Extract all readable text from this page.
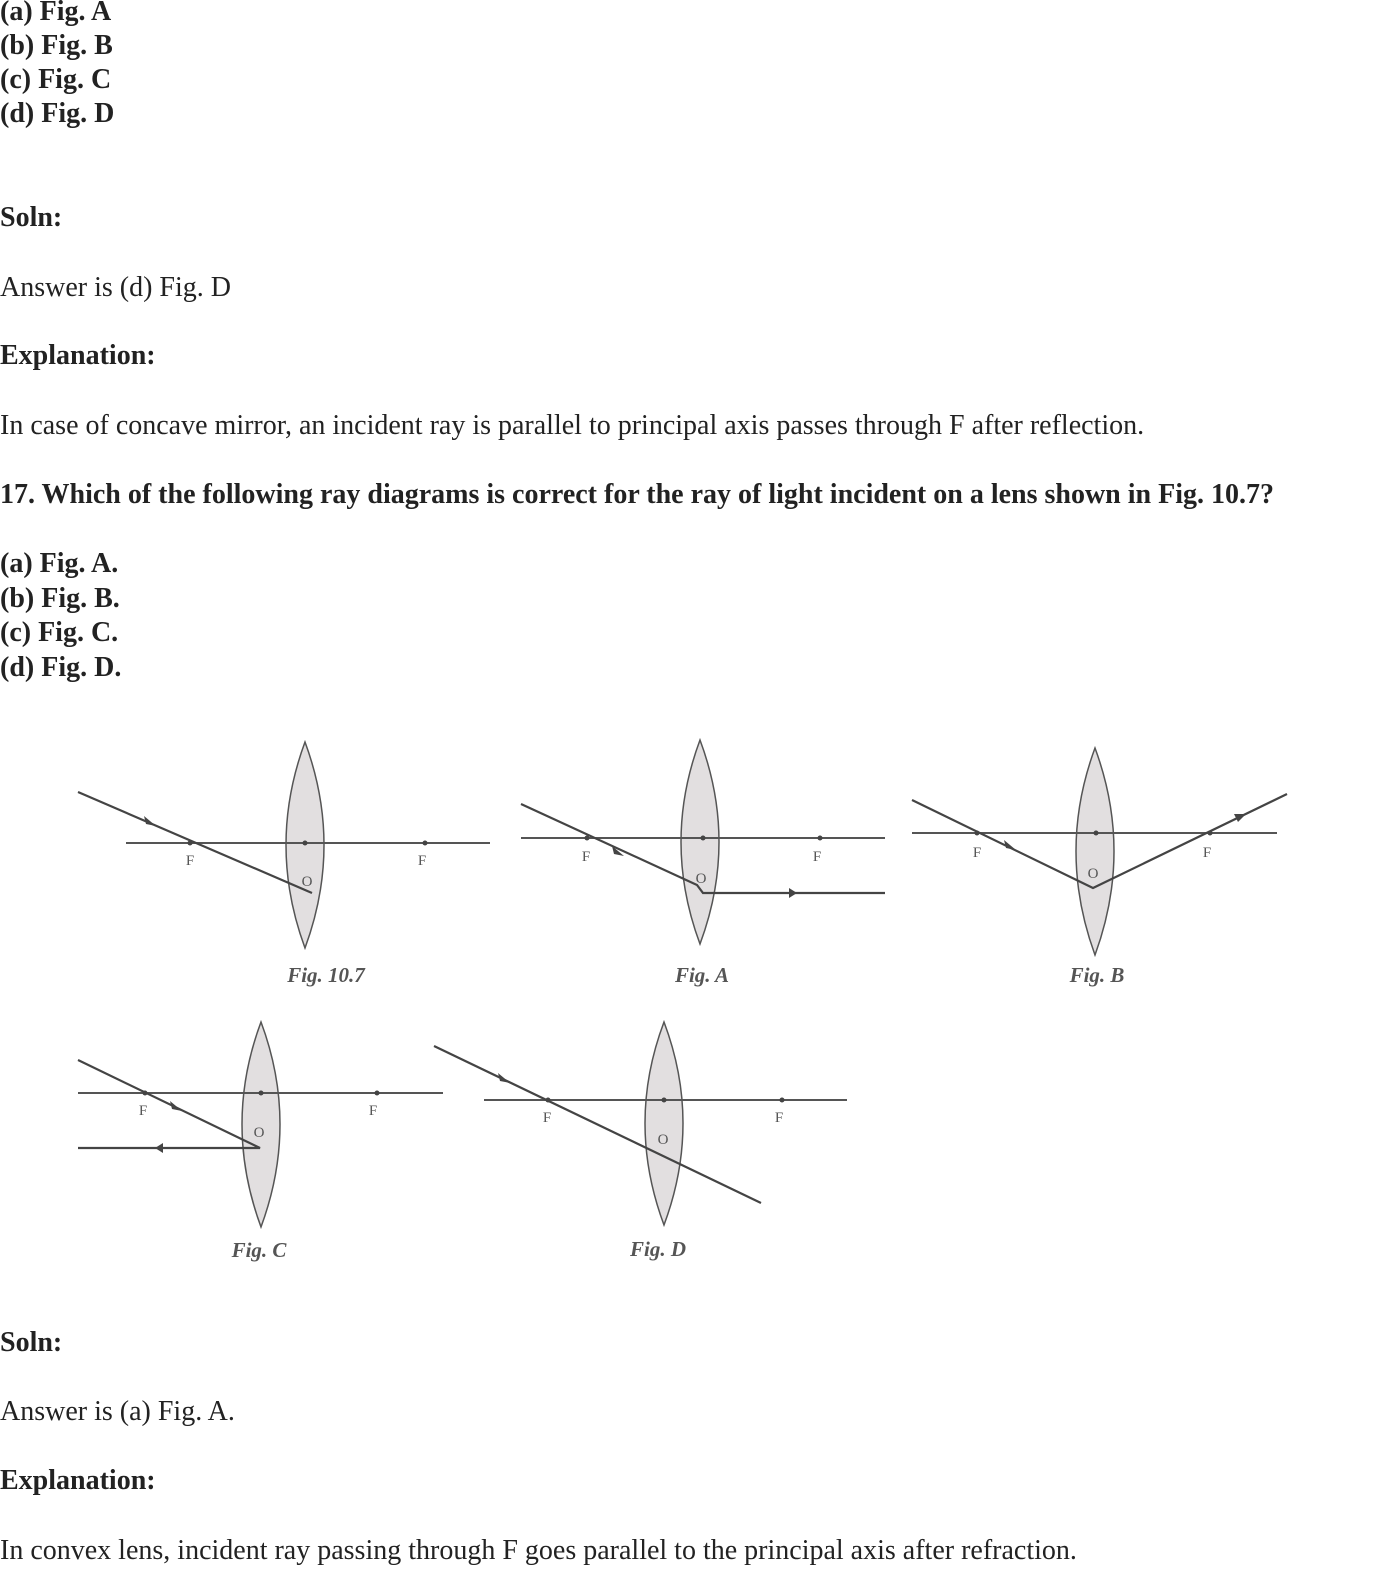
(a) Fig. A
(b) Fig. B
(c) Fig. C
(d) Fig. D
Soln:
Answer is (d) Fig. D
Explanation:
In case of concave mirror, an incident ray is parallel to principal axis passes through F after reflection.
17. Which of the following ray diagrams is correct for the ray of light incident on a lens shown in Fig. 10.7?
(a) Fig. A.
(b) Fig. B.
(c) Fig. C.
(d) Fig. D.
F	F
O
Fig. 10.7
F	F
O
Fig. A
F	F
O
Fig. B
F	F
O
Fig. C
F	F
O
Fig. D
Soln:
Answer is (a) Fig. A.
Explanation:
In convex lens, incident ray passing through F goes parallel to the principal axis after refraction.
